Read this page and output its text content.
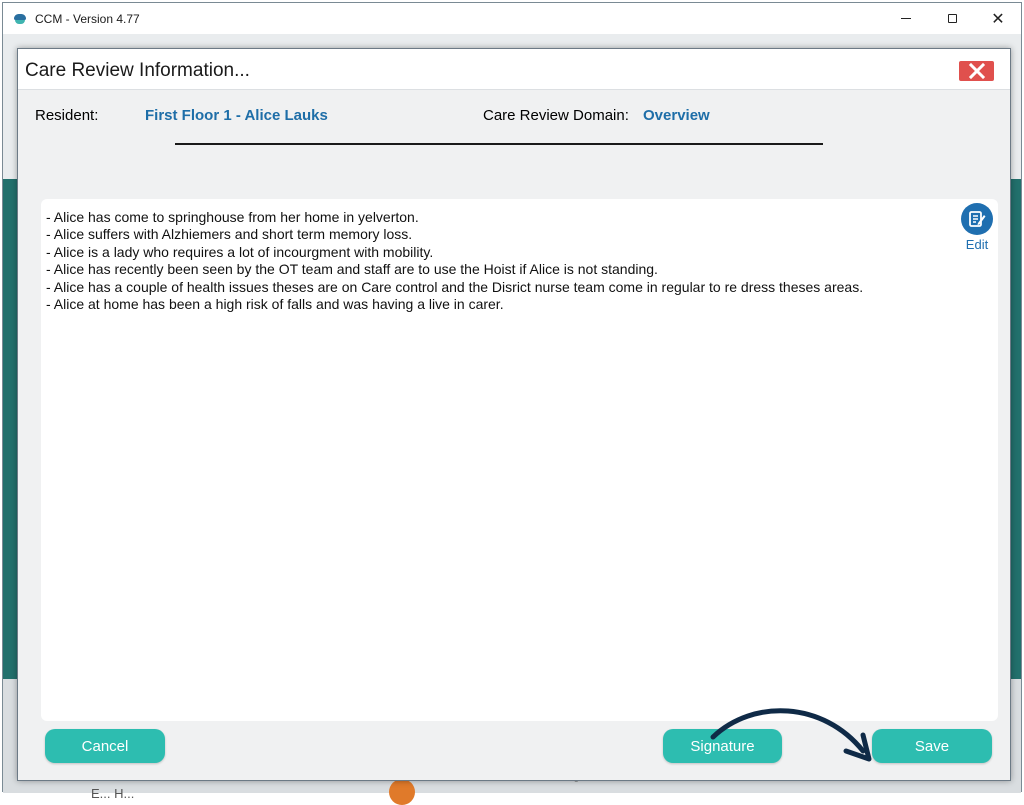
CCM - Version 4.77	✕
E... H...
Care Review Information...
Resident:	First Floor 1 - Alice Lauks	Care Review Domain: Overview
- Alice has come to springhouse from her home in yelverton.
- Alice suffers with Alzhiemers and short term memory loss.
- Alice is a lady who requires a lot of incourgment with mobility.
- Alice has recently been seen by the OT team and staff are to use the Hoist if Alice is not standing.
- Alice has a couple of health issues theses are on Care control and the Disrict nurse team come in regular to re dress theses areas.
- Alice at home has been a high risk of falls and was having a live in carer.
Edit
Cancel	Signature	Save
